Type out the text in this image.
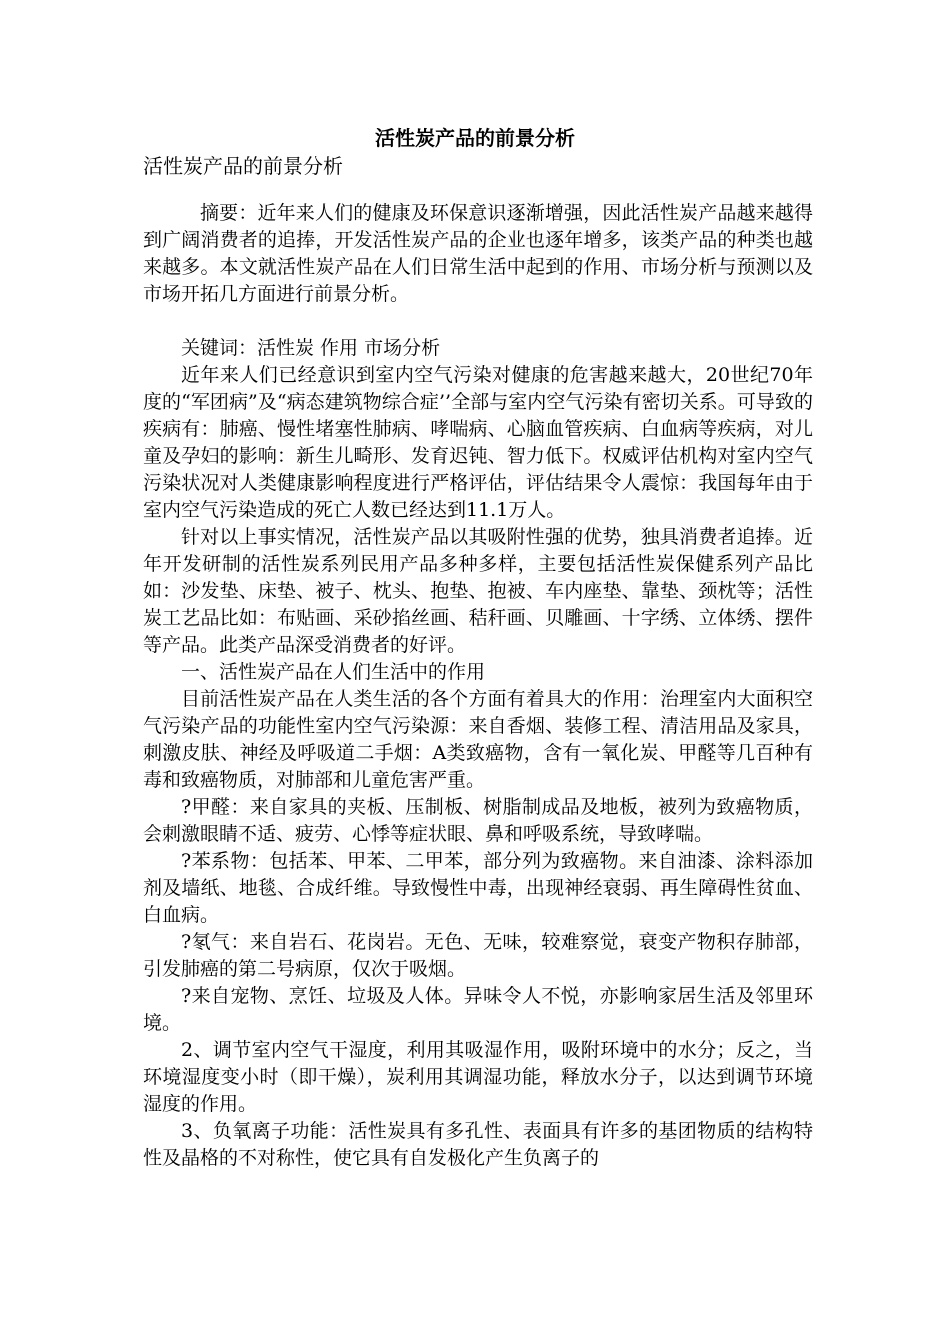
活性炭产品的前景分析
活性炭产品的前景分析

摘要：近年来人们的健康及环保意识逐渐增强，因此活性炭产品越来越得到广阔消费者的追捧，开发活性炭产品的企业也逐年增多，该类产品的种类也越来越多。本文就活性炭产品在人们日常生活中起到的作用、市场分析与预测以及市场开拓几方面进行前景分析。

关键词：活性炭 作用 市场分析

近年来人们已经意识到室内空气污染对健康的危害越来越大，20世纪70年度的“军团病”及“病态建筑物综合症’’全部与室内空气污染有密切关系。可导致的疾病有：肺癌、慢性堵塞性肺病、哮喘病、心脑血管疾病、白血病等疾病，对儿童及孕妇的影响：新生儿畸形、发育迟钝、智力低下。权威评估机构对室内空气污染状况对人类健康影响程度进行严格评估，评估结果令人震惊：我国每年由于室内空气污染造成的死亡人数已经达到11.1万人。

针对以上事实情况，活性炭产品以其吸附性强的优势，独具消费者追捧。近年开发研制的活性炭系列民用产品多种多样，主要包括活性炭保健系列产品比如：沙发垫、床垫、被子、枕头、抱垫、抱被、车内座垫、靠垫、颈枕等；活性炭工艺品比如：布贴画、采砂掐丝画、秸秆画、贝雕画、十字绣、立体绣、摆件等产品。此类产品深受消费者的好评。

一、活性炭产品在人们生活中的作用

目前活性炭产品在人类生活的各个方面有着具大的作用：治理室内大面积空气污染产品的功能性室内空气污染源：来自香烟、装修工程、清洁用品及家具，刺激皮肤、神经及呼吸道二手烟：A类致癌物，含有一氧化炭、甲醛等几百种有毒和致癌物质，对肺部和儿童危害严重。

?甲醛：来自家具的夹板、压制板、树脂制成品及地板，被列为致癌物质，会刺激眼睛不适、疲劳、心悸等症状眼、鼻和呼吸系统，导致哮喘。

?苯系物：包括苯、甲苯、二甲苯，部分列为致癌物。来自油漆、涂料添加剂及墙纸、地毯、合成纤维。导致慢性中毒，出现神经衰弱、再生障碍性贫血、白血病。

?氡气：来自岩石、花岗岩。无色、无味，较难察觉，衰变产物积存肺部，引发肺癌的第二号病原，仅次于吸烟。

?来自宠物、烹饪、垃圾及人体。异味令人不悦，亦影响家居生活及邻里环境。

2、调节室内空气干湿度，利用其吸湿作用，吸附环境中的水分；反之，当环境湿度变小时（即干燥），炭利用其调湿功能，释放水分子，以达到调节环境湿度的作用。

3、负氧离子功能：活性炭具有多孔性、表面具有许多的基团物质的结构特性及晶格的不对称性，使它具有自发极化产生负离子的
